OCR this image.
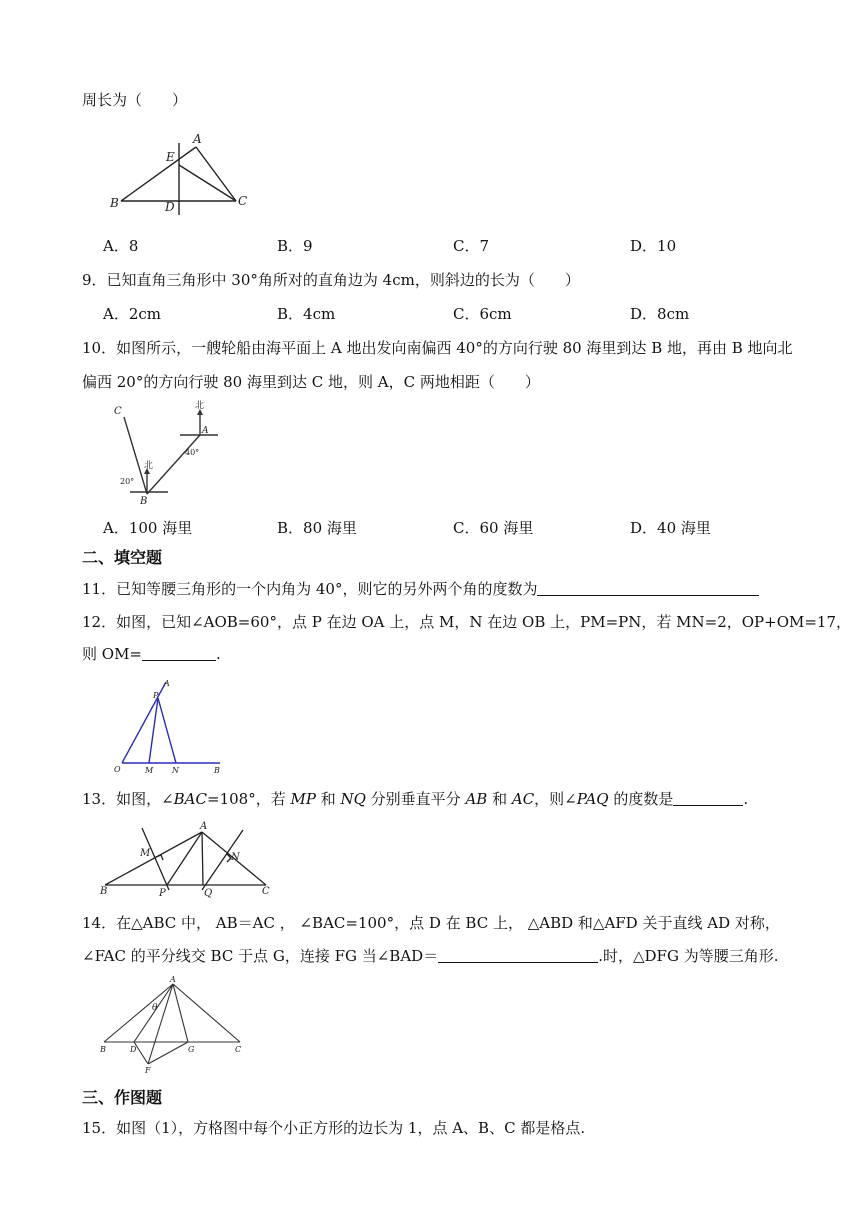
周长为（　　）
A
E
B	D	C
A．8	B．9	C．7	D．10
9．已知直角三角形中 30°角所对的直角边为 4cm，则斜边的长为（　　）
A．2cm	B．4cm	C．6cm	D．8cm
10．如图所示，一艘轮船由海平面上 A 地出发向南偏西 40°的方向行驶 80 海里到达 B 地，再由 B 地向北
偏西 20°的方向行驶 80 海里到达 C 地，则 A，C 两地相距（　　）
C	北
A
40°
北
20°
B
A．100 海里	B．80 海里	C．60 海里	D．40 海里
二、填空题
11．已知等腰三角形的一个内角为 40°，则它的另外两个角的度数为
12．如图，已知∠AOB=60°，点 P 在边 OA 上，点 M，N 在边 OB 上，PM=PN，若 MN=2，OP+OM=17，
则 OM=	.
A
P
O	M N	B
13．如图，∠BAC=108°，若 MP 和 NQ 分别垂直平分 AB 和 AC，则∠PAQ 的度数是	.
A
M	N
B	P	Q	C
14．在△ABC 中， AB＝AC ， ∠BAC=100°，点 D 在 BC 上， △ABD 和△AFD 关于直线 AD 对称，
∠FAC 的平分线交 BC 于点 G，连接 FG 当∠BAD＝	.时，△DFG 为等腰三角形.
A
θ
B	D	G	C
F
三、作图题
15．如图（1），方格图中每个小正方形的边长为 1，点 A、B、C 都是格点.
